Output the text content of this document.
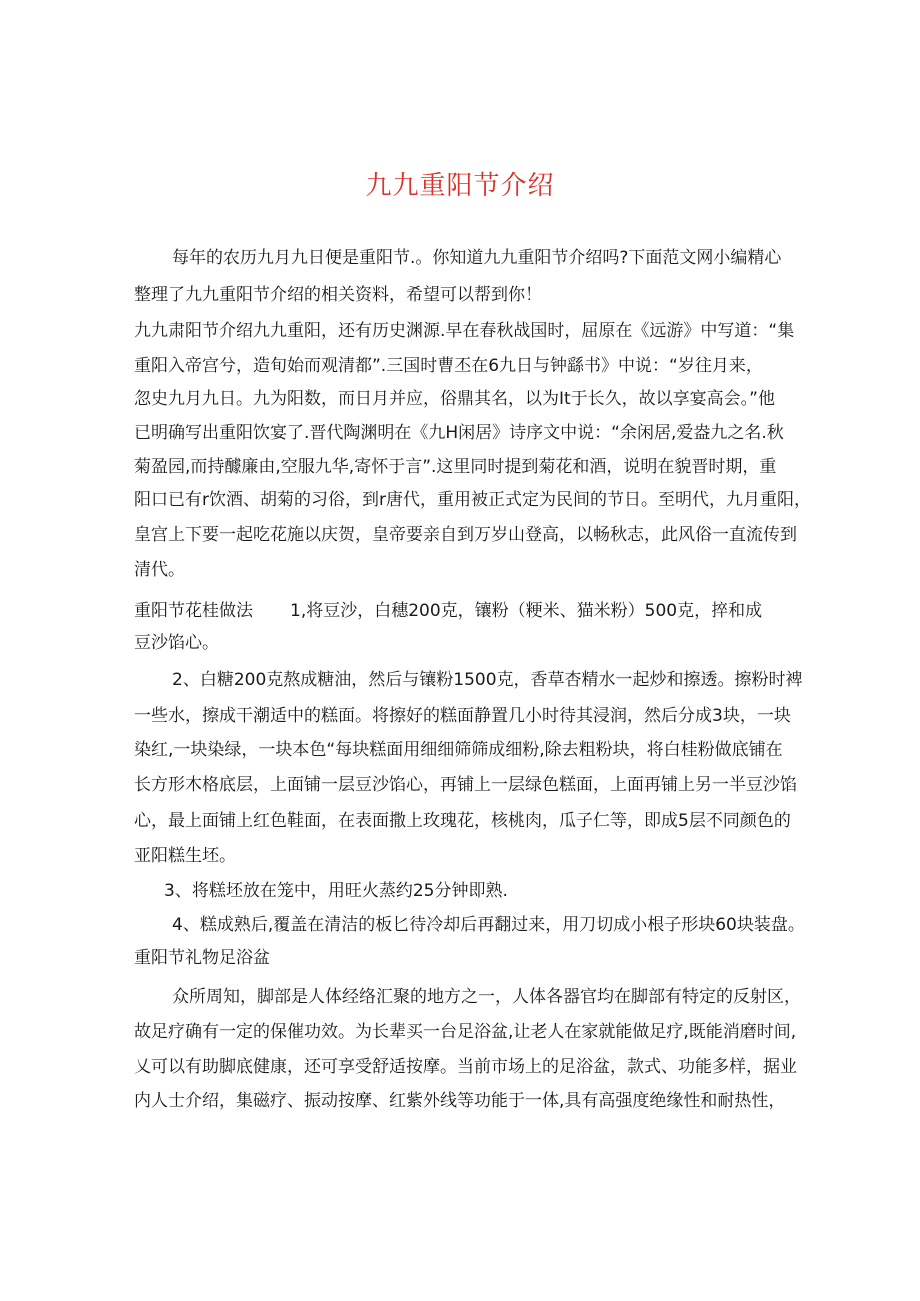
九九重阳节介绍
每年的农历九月九日便是重阳节.。你知道九九重阳节介绍吗?下面范文网小编精心
整理了九九重阳节介绍的相关资料，希望可以帮到你！
九九肃阳节介绍九九重阳，还有历史渊源.早在春秋战国时，屈原在《远游》中写道：“集
重阳入帝宫兮，造旬始而观清都”.三国时曹丕在6九日与钟繇书》中说：“岁往月来，
忽史九月九日。九为阳数，而日月并应，俗鼎其名，以为It于长久，故以享宴高会。”他
已明确写出重阳饮宴了.晋代陶渊明在《九H闲居》诗序文中说：“余闲居,爱盎九之名.秋
菊盈园,而持醵廉由,空服九华,寄怀于言”.这里同时提到菊花和酒，说明在貌晋时期，重
阳口已有r饮酒、胡菊的习俗，到r唐代，重用被正式定为民间的节日。至明代，九月重阳，
皇宫上下要一起吃花施以庆贺，皇帝要亲自到万岁山登高，以畅秋志，此风俗一直流传到
清代。
重阳节花桂做法 1,将豆沙，白穗200克，镶粉（粳米、猫米粉）500克，捽和成
豆沙馅心。
2、白糖200克熬成糖油，然后与镶粉1500克，香草杏精水一起炒和擦透。擦粉时裨
一些水，擦成干潮适中的糕面。将擦好的糕面静置几小时待其浸润，然后分成3块，一块
染红,一块染绿，一块本色“每块糕面用细细筛筛成细粉,除去粗粉块，将白桂粉做底铺在
长方形木格底层，上面铺一层豆沙馅心，再铺上一层绿色糕面，上面再铺上另一半豆沙馅
心，最上面铺上红色鞋面，在表面撒上玫瑰花，核桃肉，瓜子仁等，即成5层不同颜色的
亚阳糕生坯。
3、将糕坯放在笼中，用旺火蒸约25分钟即熟.
4、糕成熟后,覆盖在清洁的板匕待冷却后再翻过来，用刀切成小根子形块60块装盘。
重阳节礼物足浴盆
众所周知，脚部是人体经络汇聚的地方之一，人体各器官均在脚部有特定的反射区，
故足疗确有一定的保催功效。为长辈买一台足浴盆,让老人在家就能做足疗,既能消磨时间,
乂可以有助脚底健康，还可享受舒适按摩。当前市场上的足浴盆，款式、功能多样，据业
内人士介绍，集磁疗、振动按摩、红紫外线等功能于一体,具有高强度绝缘性和耐热性，
